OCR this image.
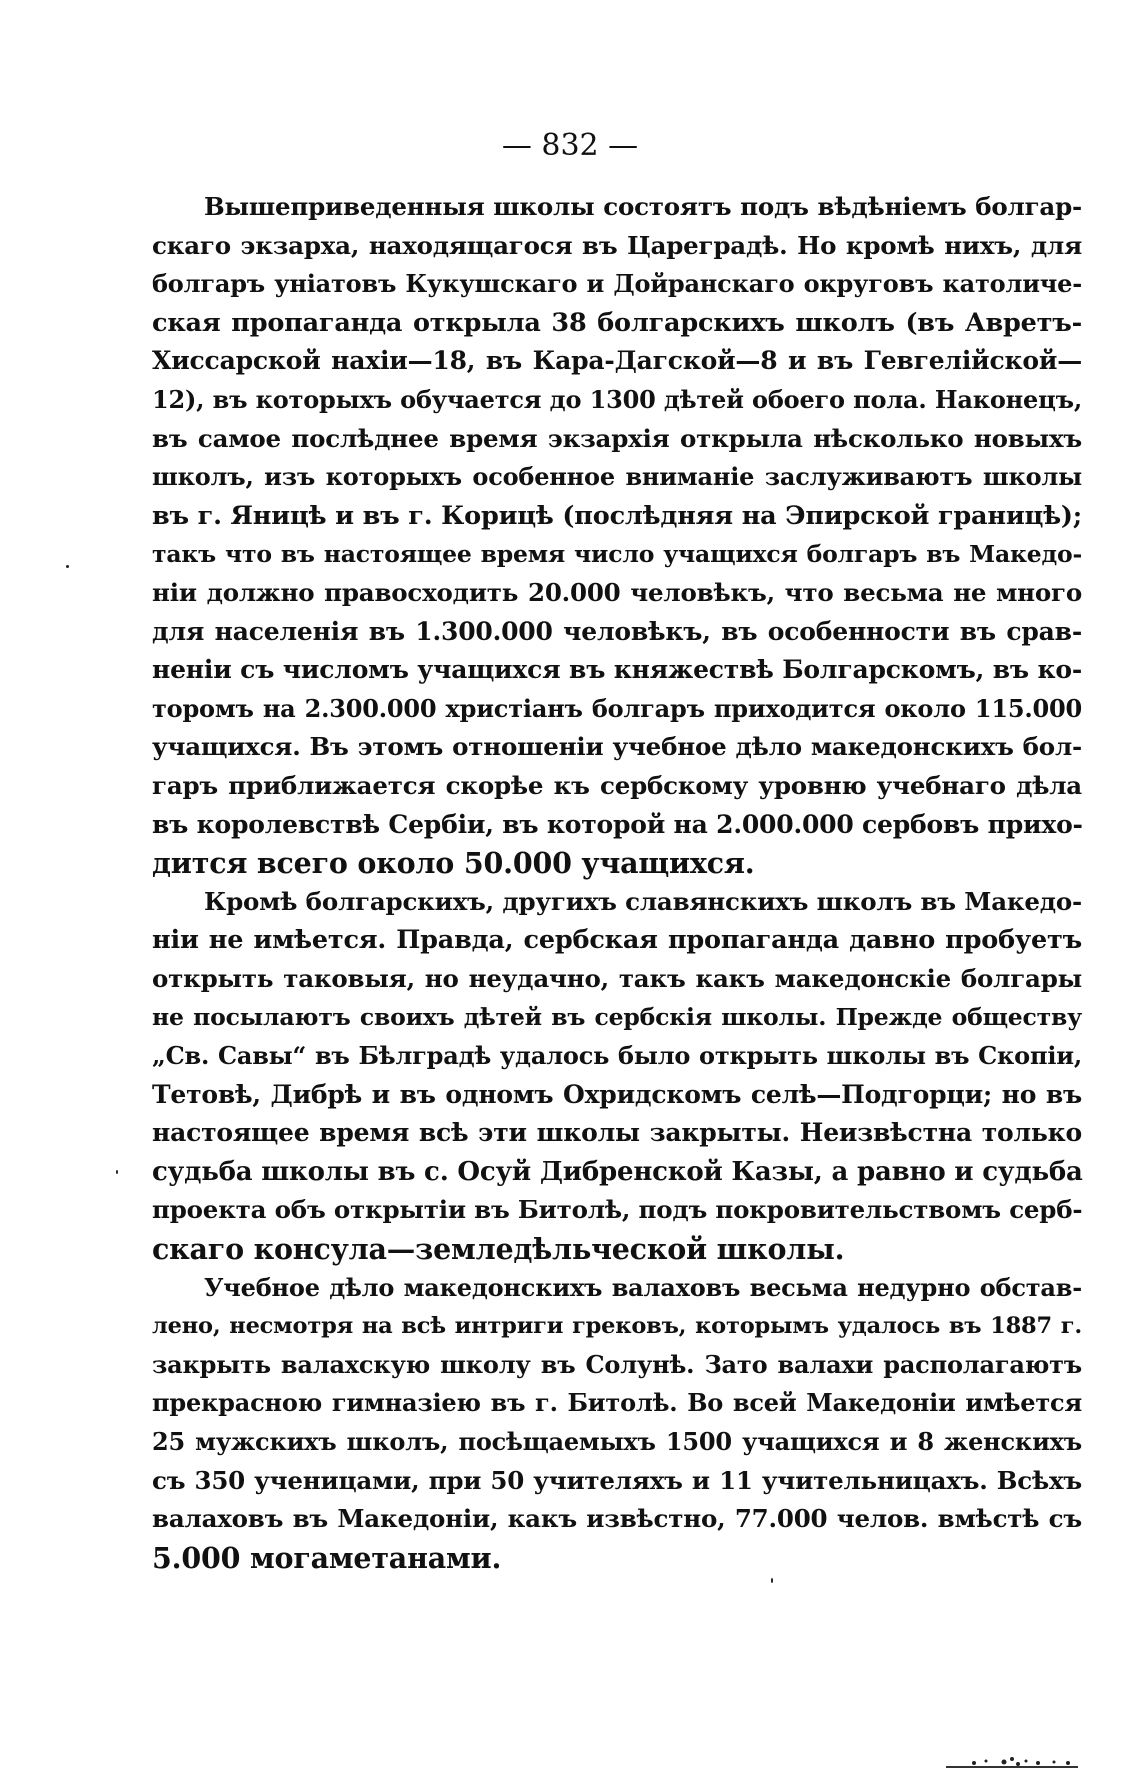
— 832 —

Вышеприведенныя школы состоятъ подъ вѣдѣніемъ болгар-
скаго экзарха, находящагося въ Цареградѣ. Но кромѣ нихъ, для
болгаръ уніатовъ Кукушскаго и Дойранскаго округовъ католиче-
ская пропаганда открыла 38 болгарскихъ школъ (въ Авретъ-
Хиссарской нахіи—18, въ Кара-Дагской—8 и въ Гевгелійской—
12), въ которыхъ обучается до 1300 дѣтей обоего пола. Наконецъ,
въ самое послѣднее время экзархія открыла нѣсколько новыхъ
школъ, изъ которыхъ особенное вниманіе заслуживаютъ школы
въ г. Яницѣ и въ г. Корицѣ (послѣдняя на Эпирской границѣ);
такъ что въ настоящее время число учащихся болгаръ въ Македо-
ніи должно правосходить 20.000 человѣкъ, что весьма не много
для населенія въ 1.300.000 человѣкъ, въ особенности въ срав-
неніи съ числомъ учащихся въ княжествѣ Болгарскомъ, въ ко-
торомъ на 2.300.000 христіанъ болгаръ приходится около 115.000
учащихся. Въ этомъ отношеніи учебное дѣло македонскихъ бол-
гаръ приближается скорѣе къ сербскому уровню учебнаго дѣла
въ королевствѣ Сербіи, въ которой на 2.000.000 сербовъ прихо-
дится всего около 50.000 учащихся.

Кромѣ болгарскихъ, другихъ славянскихъ школъ въ Македо-
ніи не имѣется. Правда, сербская пропаганда давно пробуетъ
открыть таковыя, но неудачно, такъ какъ македонскіе болгары
не посылаютъ своихъ дѣтей въ сербскія школы. Прежде обществу
„Св. Савы“ въ Бѣлградѣ удалось было открыть школы въ Скопіи,
Тетовѣ, Дибрѣ и въ одномъ Охридскомъ селѣ—Подгорци; но въ
настоящее время всѣ эти школы закрыты. Неизвѣстна только
судьба школы въ с. Осуй Дибренской Казы, а равно и судьба
проекта объ открытіи въ Битолѣ, подъ покровительствомъ серб-
скаго консула—земледѣльческой школы.

Учебное дѣло македонскихъ валаховъ весьма недурно обстав-
лено, несмотря на всѣ интриги грековъ, которымъ удалось въ 1887 г.
закрыть валахскую школу въ Солунѣ. Зато валахи располагаютъ
прекрасною гимназіею въ г. Битолѣ. Во всей Македоніи имѣется
25 мужскихъ школъ, посѣщаемыхъ 1500 учащихся и 8 женскихъ
съ 350 ученицами, при 50 учителяхъ и 11 учительницахъ. Всѣхъ
валаховъ въ Македоніи, какъ извѣстно, 77.000 челов. вмѣстѣ съ
5.000 могаметанами.
